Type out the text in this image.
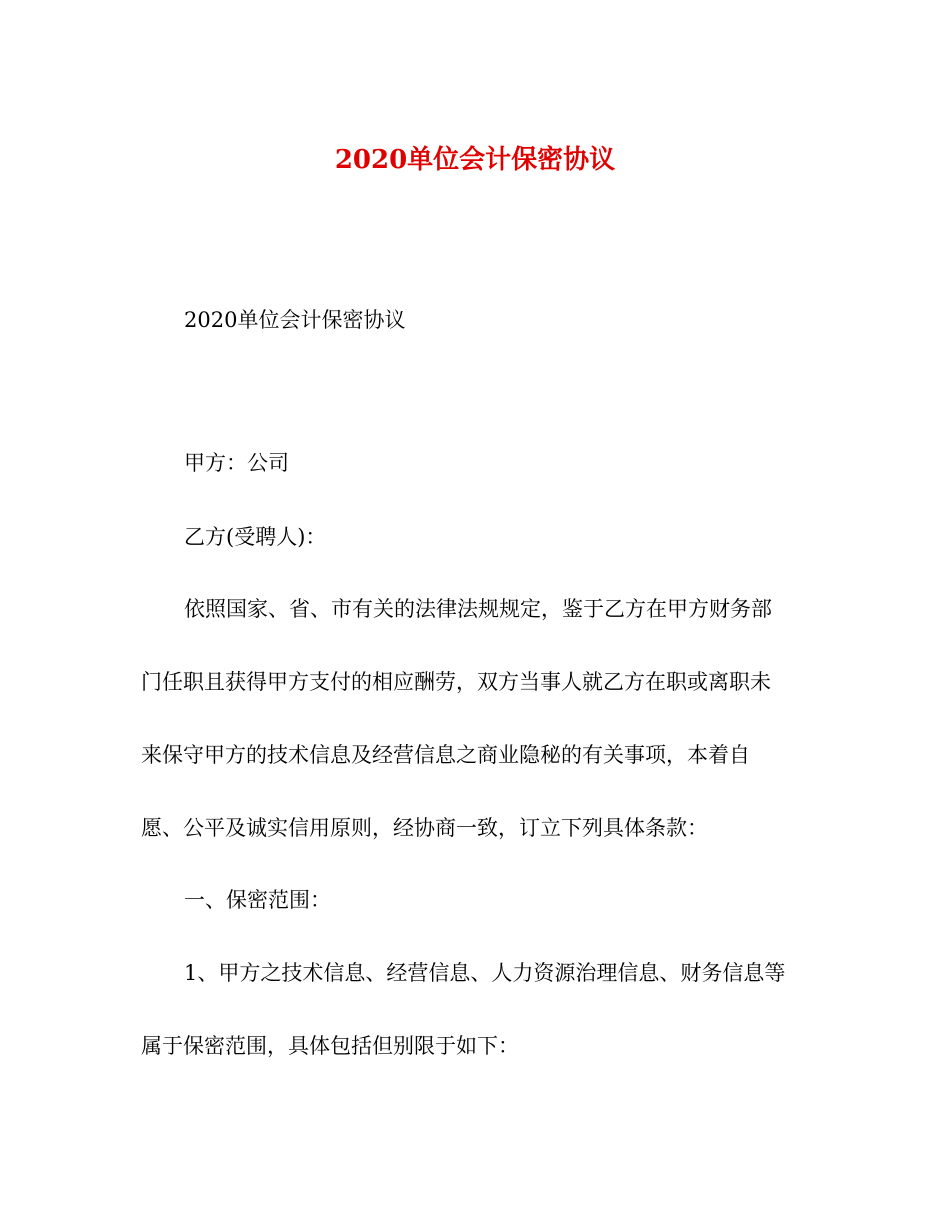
2020单位会计保密协议
2020单位会计保密协议
甲方：公司
乙方(受聘人)：
依照国家、省、市有关的法律法规规定，鉴于乙方在甲方财务部
门任职且获得甲方支付的相应酬劳，双方当事人就乙方在职或离职未
来保守甲方的技术信息及经营信息之商业隐秘的有关事项，本着自
愿、公平及诚实信用原则，经协商一致，订立下列具体条款：
一、保密范围：
1、甲方之技术信息、经营信息、人力资源治理信息、财务信息等
属于保密范围，具体包括但别限于如下：
